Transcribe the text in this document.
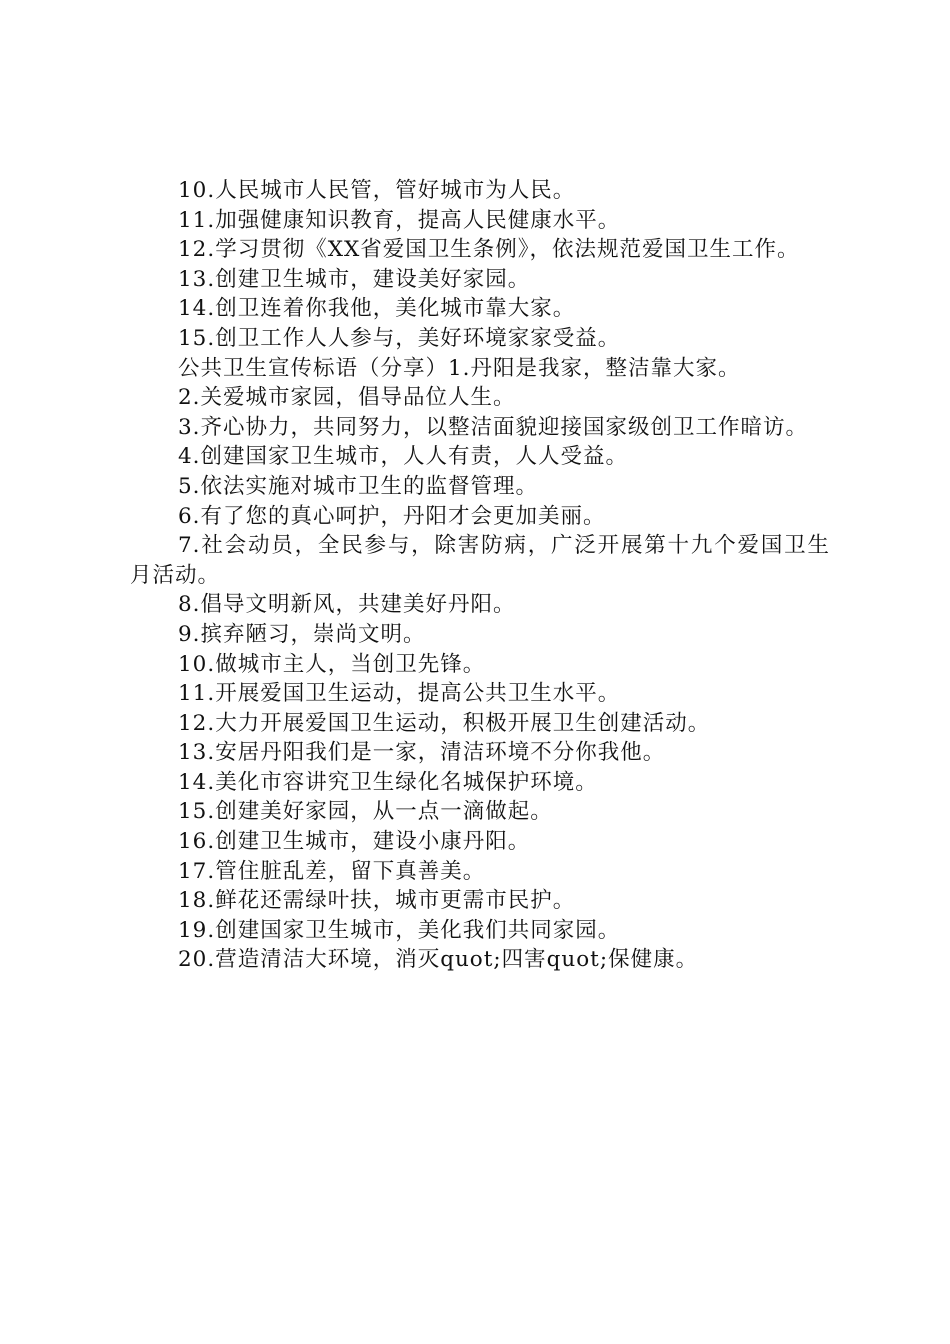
10.人民城市人民管，管好城市为人民。

11.加强健康知识教育，提高人民健康水平。

12.学习贯彻《XX省爱国卫生条例》，依法规范爱国卫生工作。

13.创建卫生城市，建设美好家园。

14.创卫连着你我他，美化城市靠大家。

15.创卫工作人人参与，美好环境家家受益。

公共卫生宣传标语（分享）1.丹阳是我家，整洁靠大家。

2.关爱城市家园，倡导品位人生。

3.齐心协力，共同努力，以整洁面貌迎接国家级创卫工作暗访。

4.创建国家卫生城市，人人有责，人人受益。

5.依法实施对城市卫生的监督管理。

6.有了您的真心呵护，丹阳才会更加美丽。

7.社会动员，全民参与，除害防病，广泛开展第十九个爱国卫生月活动。

8.倡导文明新风，共建美好丹阳。

9.摈弃陋习，崇尚文明。

10.做城市主人，当创卫先锋。

11.开展爱国卫生运动，提高公共卫生水平。

12.大力开展爱国卫生运动，积极开展卫生创建活动。

13.安居丹阳我们是一家，清洁环境不分你我他。

14.美化市容讲究卫生绿化名城保护环境。

15.创建美好家园，从一点一滴做起。

16.创建卫生城市，建设小康丹阳。

17.管住脏乱差，留下真善美。

18.鲜花还需绿叶扶，城市更需市民护。

19.创建国家卫生城市，美化我们共同家园。

20.营造清洁大环境，消灭quot;四害quot;保健康。
